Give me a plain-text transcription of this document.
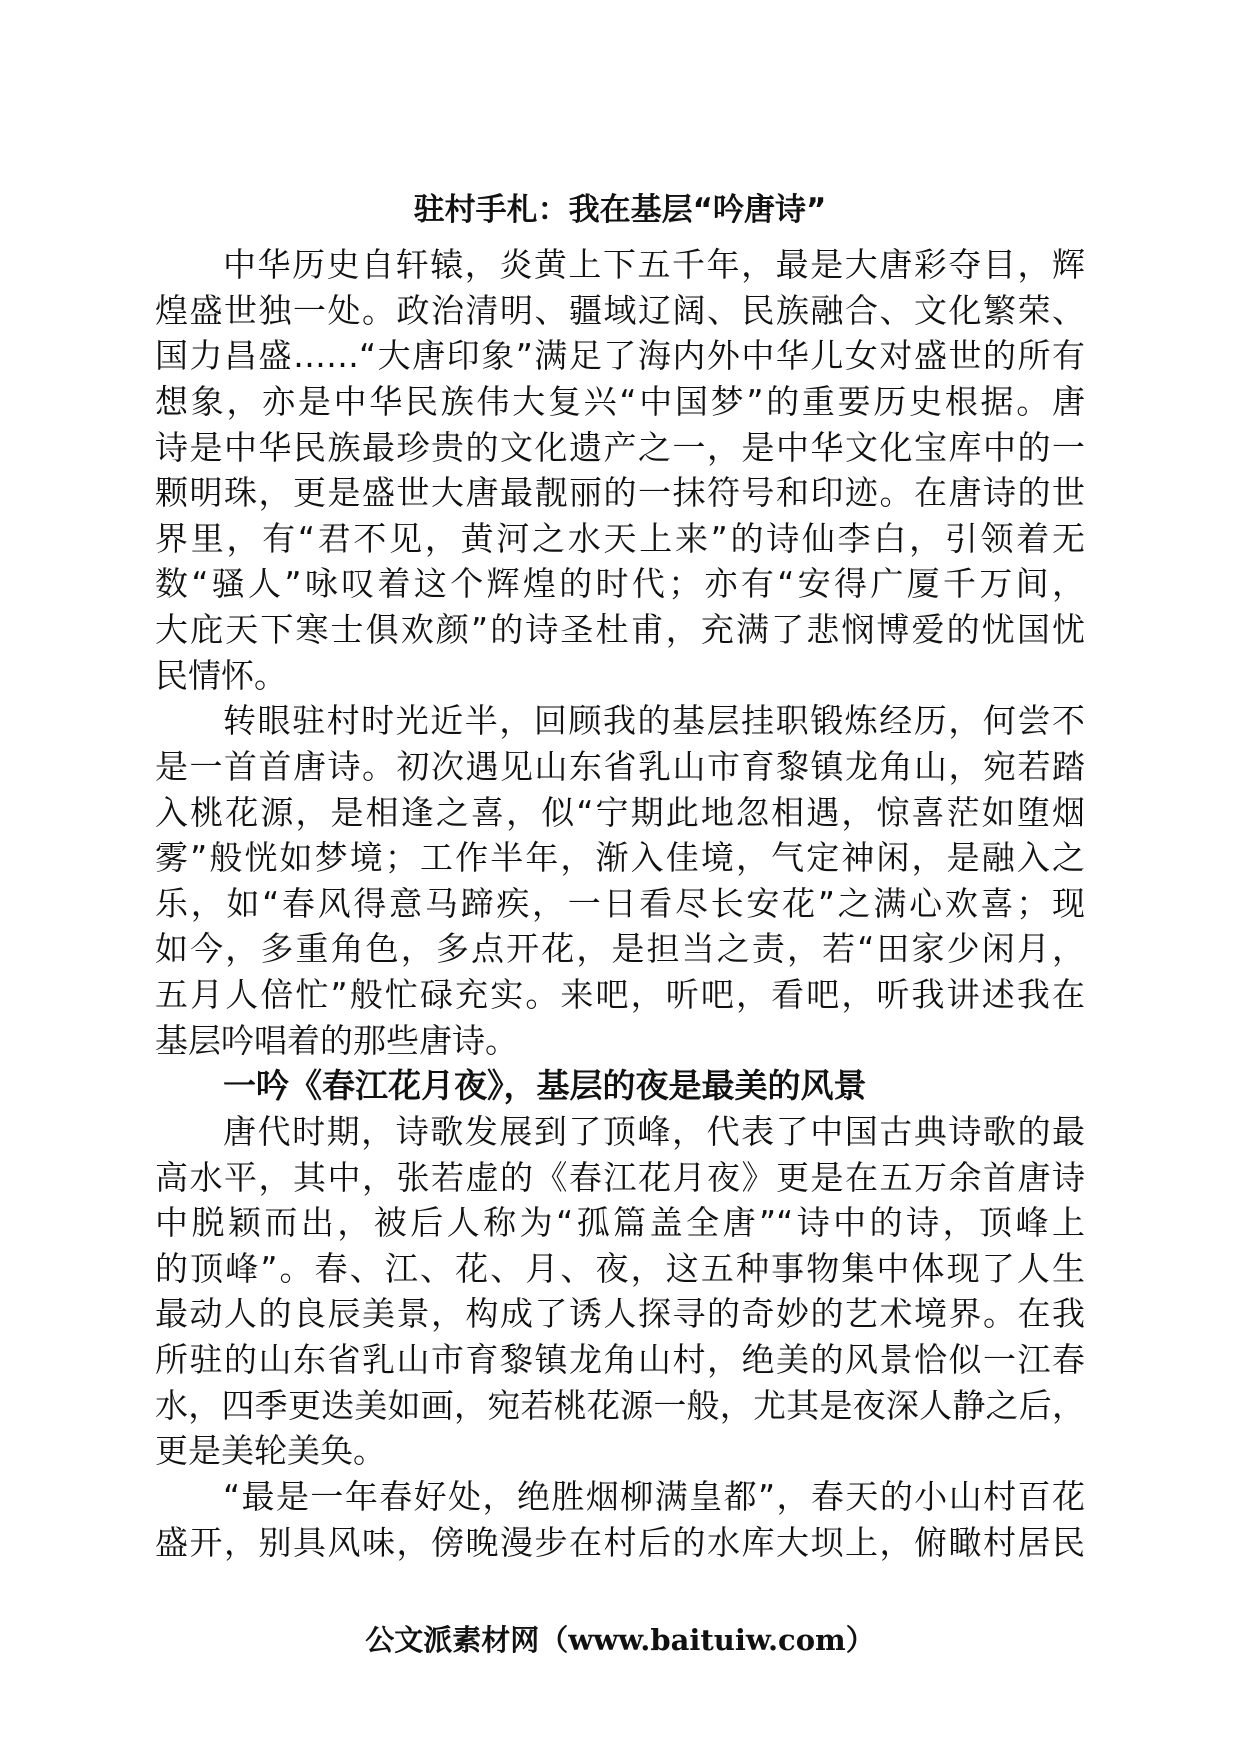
驻村手札：我在基层“吟唐诗”
中华历史自轩辕，炎黄上下五千年，最是大唐彩夺目，辉
煌盛世独一处。政治清明、疆域辽阔、民族融合、文化繁荣、
国力昌盛……“大唐印象”满足了海内外中华儿女对盛世的所有
想象，亦是中华民族伟大复兴“中国梦”的重要历史根据。唐
诗是中华民族最珍贵的文化遗产之一，是中华文化宝库中的一
颗明珠，更是盛世大唐最靓丽的一抹符号和印迹。在唐诗的世
界里，有“君不见，黄河之水天上来”的诗仙李白，引领着无
数“骚人”咏叹着这个辉煌的时代；亦有“安得广厦千万间，
大庇天下寒士俱欢颜”的诗圣杜甫，充满了悲悯博爱的忧国忧
民情怀。
转眼驻村时光近半，回顾我的基层挂职锻炼经历，何尝不
是一首首唐诗。初次遇见山东省乳山市育黎镇龙角山，宛若踏
入桃花源，是相逢之喜，似“宁期此地忽相遇，惊喜茫如堕烟
雾”般恍如梦境；工作半年，渐入佳境，气定神闲，是融入之
乐，如“春风得意马蹄疾，一日看尽长安花”之满心欢喜；现
如今，多重角色，多点开花，是担当之责，若“田家少闲月，
五月人倍忙”般忙碌充实。来吧，听吧，看吧，听我讲述我在
基层吟唱着的那些唐诗。
一吟《春江花月夜》，基层的夜是最美的风景
唐代时期，诗歌发展到了顶峰，代表了中国古典诗歌的最
高水平，其中，张若虚的《春江花月夜》更是在五万余首唐诗
中脱颖而出，被后人称为“孤篇盖全唐”“诗中的诗，顶峰上
的顶峰”。春、江、花、月、夜，这五种事物集中体现了人生
最动人的良辰美景，构成了诱人探寻的奇妙的艺术境界。在我
所驻的山东省乳山市育黎镇龙角山村，绝美的风景恰似一江春
水，四季更迭美如画，宛若桃花源一般，尤其是夜深人静之后，
更是美轮美奂。
“最是一年春好处，绝胜烟柳满皇都”，春天的小山村百花
盛开，别具风味，傍晚漫步在村后的水库大坝上，俯瞰村居民
公文派素材网（www.baituiw.com）
